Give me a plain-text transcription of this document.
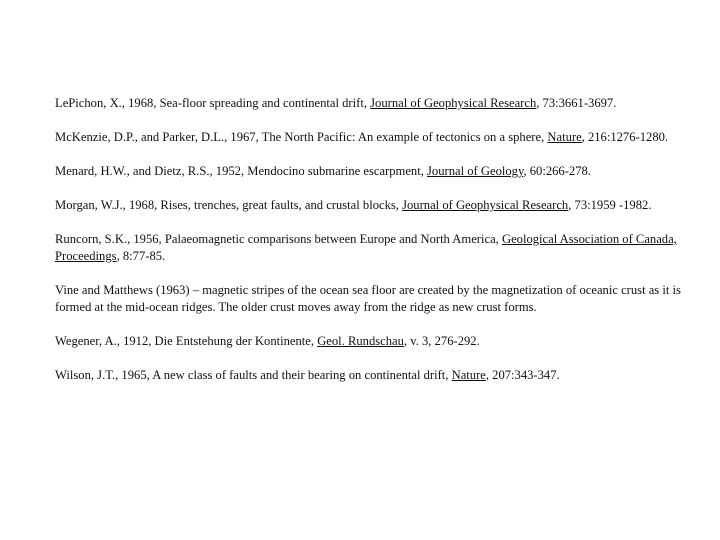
LePichon, X., 1968, Sea-floor spreading and continental drift, Journal of Geophysical Research, 73:3661-3697.

McKenzie, D.P., and Parker, D.L., 1967, The North Pacific: An example of tectonics on a sphere, Nature, 216:1276-1280.

Menard, H.W., and Dietz, R.S., 1952, Mendocino submarine escarpment, Journal of Geology, 60:266-278.

Morgan, W.J., 1968, Rises, trenches, great faults, and crustal blocks, Journal of Geophysical Research, 73:1959 -1982.

Runcorn, S.K., 1956, Palaeomagnetic comparisons between Europe and North America, Geological Association of Canada, Proceedings, 8:77-85.

Vine and Matthews (1963) – magnetic stripes of the ocean sea floor are created by the magnetization of oceanic crust as it is formed at the mid-ocean ridges. The older crust moves away from the ridge as new crust forms.

Wegener, A., 1912, Die Entstehung der Kontinente, Geol. Rundschau, v. 3, 276-292.

Wilson, J.T., 1965, A new class of faults and their bearing on continental drift, Nature, 207:343-347.
